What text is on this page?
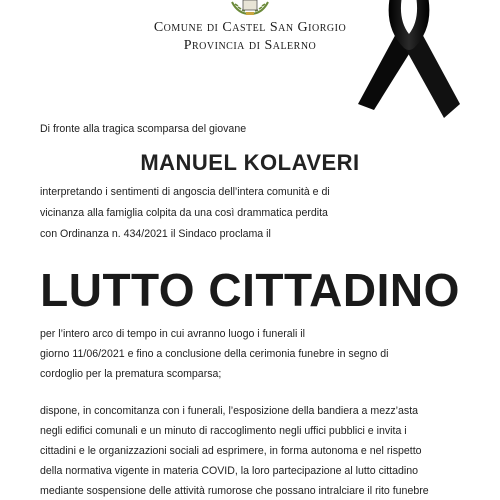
Comune di Castel San Giorgio
Provincia di Salerno
Di fronte alla tragica scomparsa del giovane
MANUEL KOLAVERI
interpretando i sentimenti di angoscia dell’intera comunità e di
vicinanza alla famiglia colpita da una così drammatica perdita
con Ordinanza n. 434/2021 il Sindaco proclama il
LUTTO CITTADINO
per l’intero arco di tempo in cui avranno luogo i funerali il
giorno 11/06/2021 e fino a conclusione della cerimonia funebre in segno di
cordoglio per la prematura scomparsa;
dispone, in concomitanza con i funerali, l’esposizione della bandiera a mezz’asta
negli edifici comunali e un minuto di raccoglimento negli uffici pubblici e invita i
cittadini e le organizzazioni sociali ad esprimere, in forma autonoma e nel rispetto
della normativa vigente in materia COVID, la loro partecipazione al lutto cittadino
mediante sospensione delle attività rumorose che possano intralciare il rito funebre
